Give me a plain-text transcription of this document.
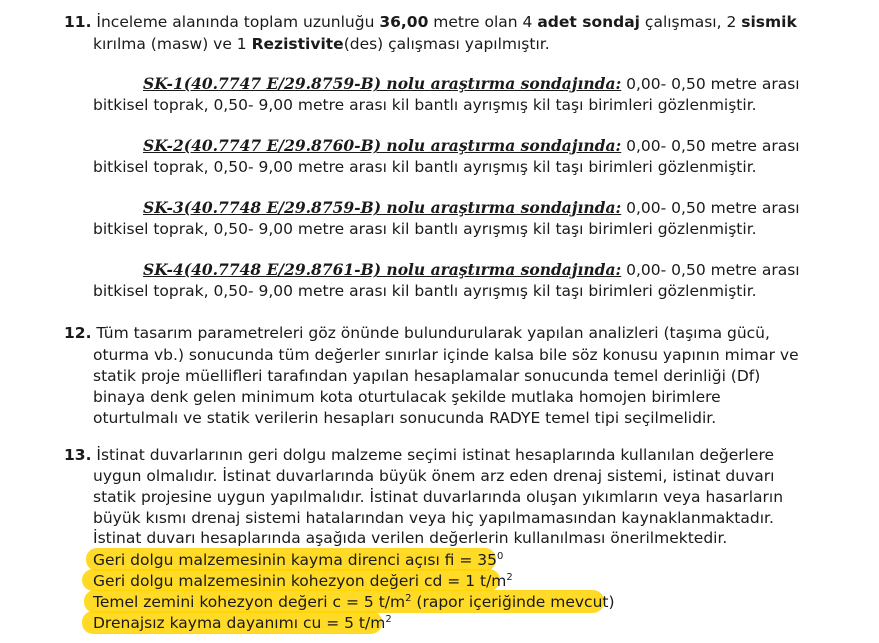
11. İnceleme alanında toplam uzunluğu 36,00 metre olan 4 adet sondaj çalışması, 2 sismik
kırılma (masw) ve 1 Rezistivite(des) çalışması yapılmıştır.
SK-1(40.7747 E/29.8759-B) nolu araştırma sondajında: 0,00- 0,50 metre arası
bitkisel toprak, 0,50- 9,00 metre arası kil bantlı ayrışmış kil taşı birimleri gözlenmiştir.
SK-2(40.7747 E/29.8760-B) nolu araştırma sondajında: 0,00- 0,50 metre arası
bitkisel toprak, 0,50- 9,00 metre arası kil bantlı ayrışmış kil taşı birimleri gözlenmiştir.
SK-3(40.7748 E/29.8759-B) nolu araştırma sondajında: 0,00- 0,50 metre arası
bitkisel toprak, 0,50- 9,00 metre arası kil bantlı ayrışmış kil taşı birimleri gözlenmiştir.
SK-4(40.7748 E/29.8761-B) nolu araştırma sondajında: 0,00- 0,50 metre arası
bitkisel toprak, 0,50- 9,00 metre arası kil bantlı ayrışmış kil taşı birimleri gözlenmiştir.
12. Tüm tasarım parametreleri göz önünde bulundurularak yapılan analizleri (taşıma gücü,
oturma vb.) sonucunda tüm değerler sınırlar içinde kalsa bile söz konusu yapının mimar ve
statik proje müellifleri tarafından yapılan hesaplamalar sonucunda temel derinliği (Df)
binaya denk gelen minimum kota oturtulacak şekilde mutlaka homojen birimlere
oturtulmalı ve statik verilerin hesapları sonucunda RADYE temel tipi seçilmelidir.
13. İstinat duvarlarının geri dolgu malzeme seçimi istinat hesaplarında kullanılan değerlere
uygun olmalıdır. İstinat duvarlarında büyük önem arz eden drenaj sistemi, istinat duvarı
statik projesine uygun yapılmalıdır. İstinat duvarlarında oluşan yıkımların veya hasarların
büyük kısmı drenaj sistemi hatalarından veya hiç yapılmamasından kaynaklanmaktadır.
İstinat duvarı hesaplarında aşağıda verilen değerlerin kullanılması önerilmektedir.
Geri dolgu malzemesinin kayma direnci açısı fi = $35^0$
Geri dolgu malzemesinin kohezyon değeri cd = 1 $t/m^2$
Temel zemini kohezyon değeri c = 5 $t/m^2$ (rapor içeriğinde mevcut)
Drenajsız kayma dayanımı cu = 5 $t/m^2$
